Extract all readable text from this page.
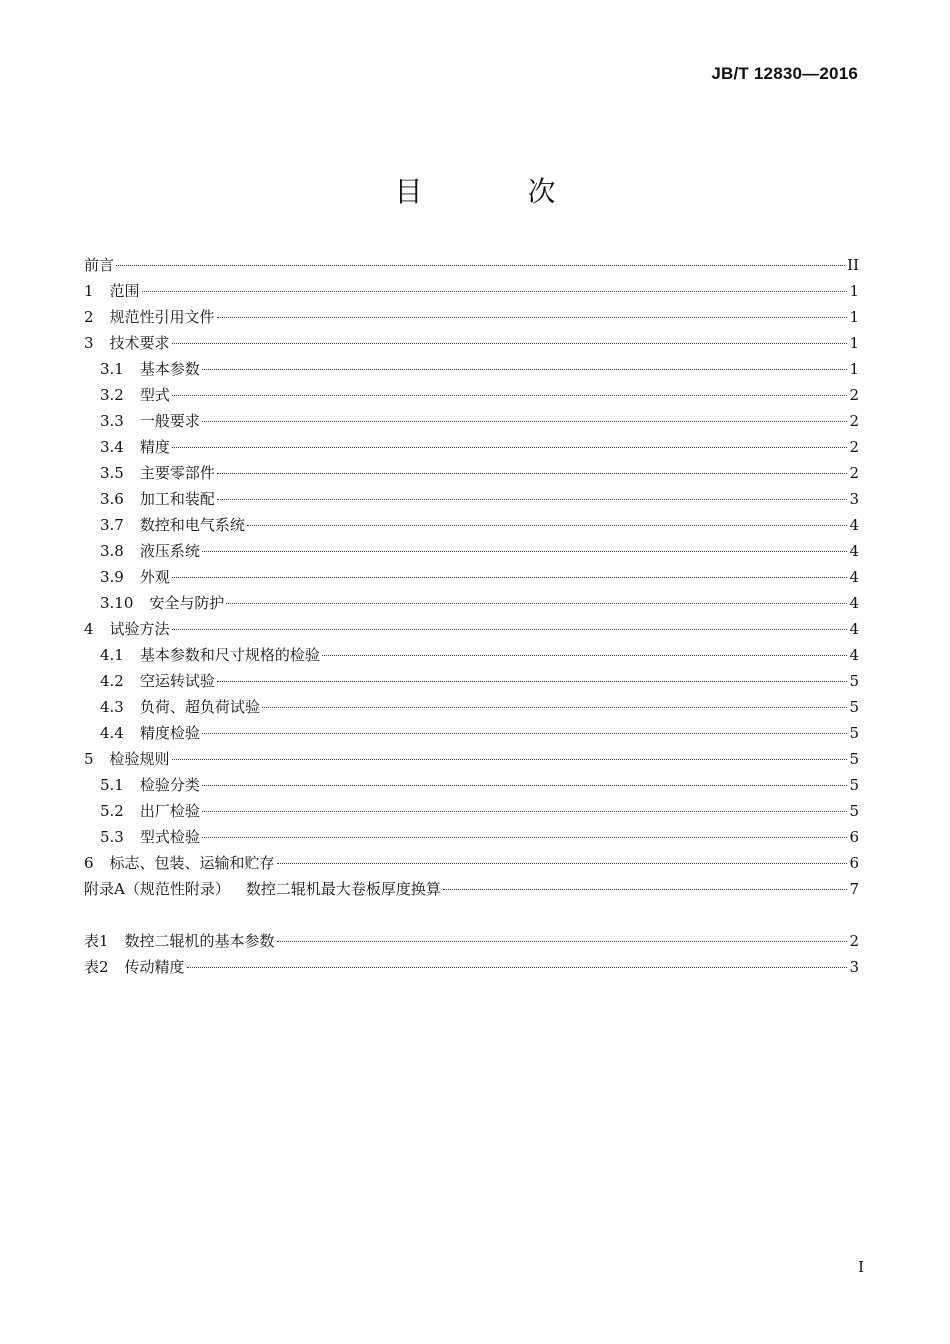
JB/T 12830—2016
目 次
前言	II
1 范围	1
2 规范性引用文件	1
3 技术要求	1
3.1 基本参数	1
3.2 型式	2
3.3 一般要求	2
3.4 精度	2
3.5 主要零部件	2
3.6 加工和装配	3
3.7 数控和电气系统	4
3.8 液压系统	4
3.9 外观	4
3.10 安全与防护	4
4 试验方法	4
4.1 基本参数和尺寸规格的检验	4
4.2 空运转试验	5
4.3 负荷、超负荷试验	5
4.4 精度检验	5
5 检验规则	5
5.1 检验分类	5
5.2 出厂检验	5
5.3 型式检验	6
6 标志、包装、运输和贮存	6
附录A（规范性附录） 数控二辊机最大卷板厚度换算	7
表1 数控二辊机的基本参数	2
表2 传动精度	3
I
